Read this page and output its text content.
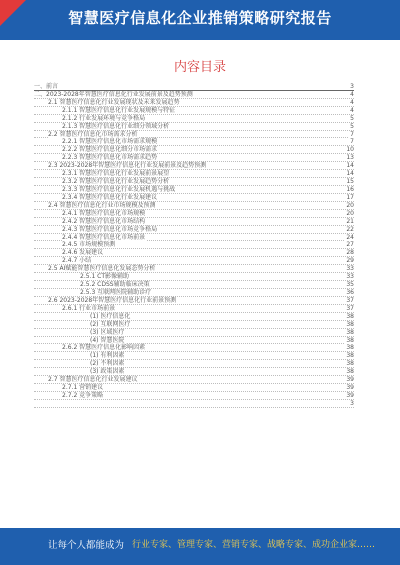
智慧医疗信息化企业推销策略研究报告
内容目录
一、前言	3
二、2023-2028年智慧医疗信息化行业发展前景及趋势预测	4
2.1 智慧医疗信息化行业发展现状及未来发展趋势	4
2.1.1 智慧医疗信息化行业发展规模与特征	4
2.1.2 行业发展环境与竞争格局	5
2.1.3 智慧医疗信息化行业细分领域分析	5
2.2 智慧医疗信息化市场需求分析	7
2.2.1 智慧医疗信息化市场需求规模	7
2.2.2 智慧医疗信息化细分市场需求	10
2.2.3 智慧医疗信息化市场需求趋势	13
2.3 2023-2028年智慧医疗信息化行业发展前景及趋势预测	14
2.3.1 智慧医疗信息化行业发展前景展望	14
2.3.2 智慧医疗信息化行业发展趋势分析	15
2.3.3 智慧医疗信息化行业发展机遇与挑战	16
2.3.4 智慧医疗信息化行业发展建议	17
2.4 智慧医疗信息化行业市场规模及预测	20
2.4.1 智慧医疗信息化市场规模	20
2.4.2 智慧医疗信息化市场结构	21
2.4.3 智慧医疗信息化市场竞争格局	22
2.4.4 智慧医疗信息化市场前景	24
2.4.5 市场规模预测	27
2.4.6 发展建议	28
2.4.7 小结	29
2.5 AI赋能智慧医疗信息化发展态势分析	33
2.5.1 CT影像辅助	33
2.5.2 CDSS辅助临床决策	35
2.5.3 互联网医院辅助诊疗	36
2.6 2023-2028年智慧医疗信息化行业前景预测	37
2.6.1 行业市场前景	37
(1) 医疗信息化	38
(2) 互联网医疗	38
(3) 区域医疗	38
(4) 智慧医院	38
2.6.2 智慧医疗信息化影响因素	38
(1) 有利因素	38
(2) 不利因素	38
(3) 政策因素	38
2.7 智慧医疗信息化行业发展建议	39
2.7.1 营销建议	39
2.7.2 竞争策略	39
3
让每个人都能成为 行业专家、管理专家、营销专家、战略专家、成功企业家……
